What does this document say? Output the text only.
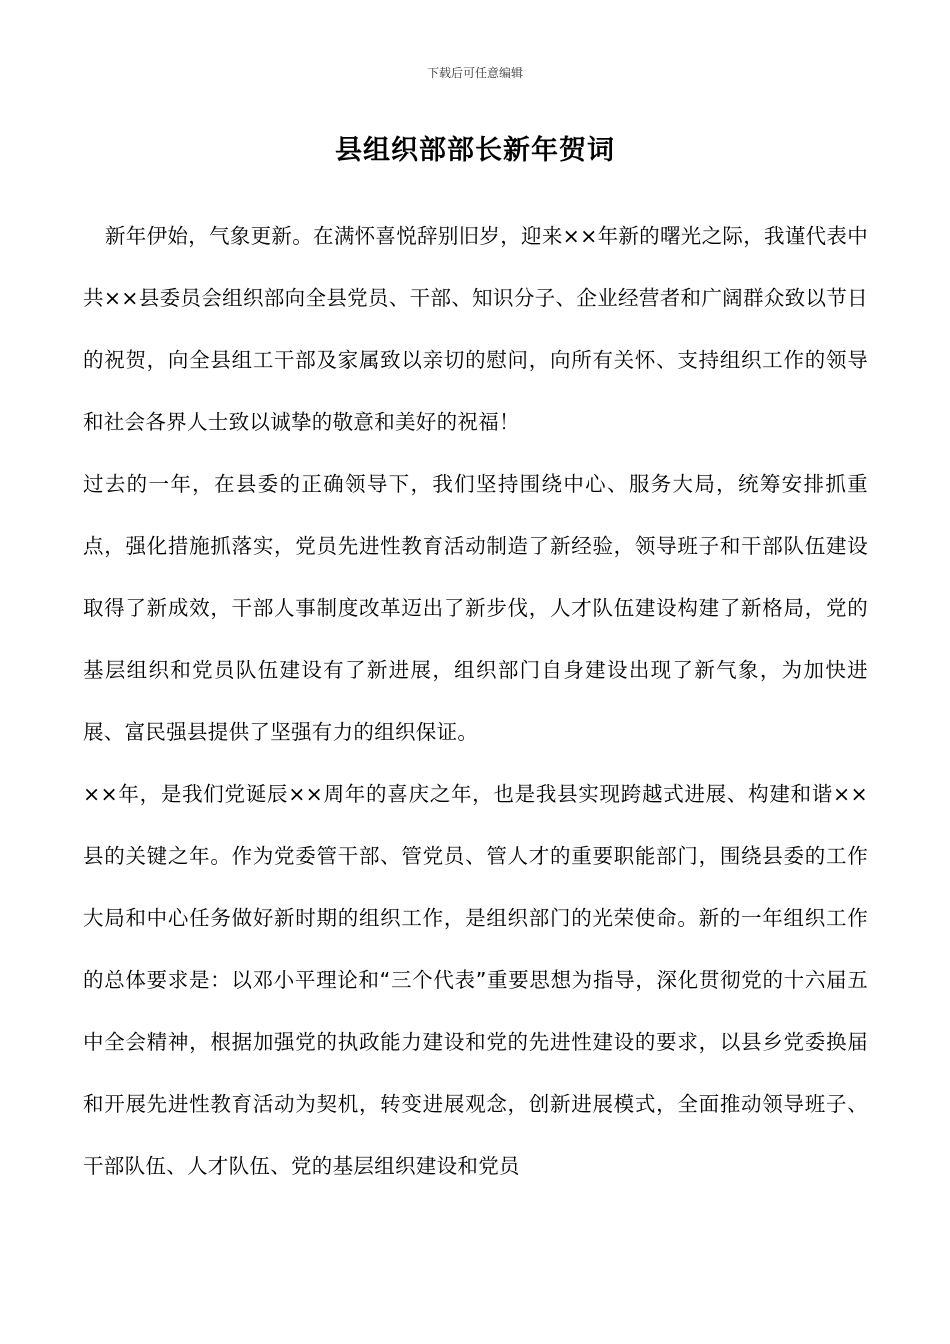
下载后可任意编辑
县组织部部长新年贺词

新年伊始，气象更新。在满怀喜悦辞别旧岁，迎来××年新的曙光之际，我谨代表中共××县委员会组织部向全县党员、干部、知识分子、企业经营者和广阔群众致以节日的祝贺，向全县组工干部及家属致以亲切的慰问，向所有关怀、支持组织工作的领导和社会各界人士致以诚挚的敬意和美好的祝福！

过去的一年，在县委的正确领导下，我们坚持围绕中心、服务大局，统筹安排抓重点，强化措施抓落实，党员先进性教育活动制造了新经验，领导班子和干部队伍建设取得了新成效，干部人事制度改革迈出了新步伐，人才队伍建设构建了新格局，党的基层组织和党员队伍建设有了新进展，组织部门自身建设出现了新气象，为加快进展、富民强县提供了坚强有力的组织保证。

××年，是我们党诞辰××周年的喜庆之年，也是我县实现跨越式进展、构建和谐××县的关键之年。作为党委管干部、管党员、管人才的重要职能部门，围绕县委的工作大局和中心任务做好新时期的组织工作，是组织部门的光荣使命。新的一年组织工作的总体要求是：以邓小平理论和“三个代表”重要思想为指导，深化贯彻党的十六届五中全会精神，根据加强党的执政能力建设和党的先进性建设的要求，以县乡党委换届和开展先进性教育活动为契机，转变进展观念，创新进展模式，全面推动领导班子、干部队伍、人才队伍、党的基层组织建设和党员
